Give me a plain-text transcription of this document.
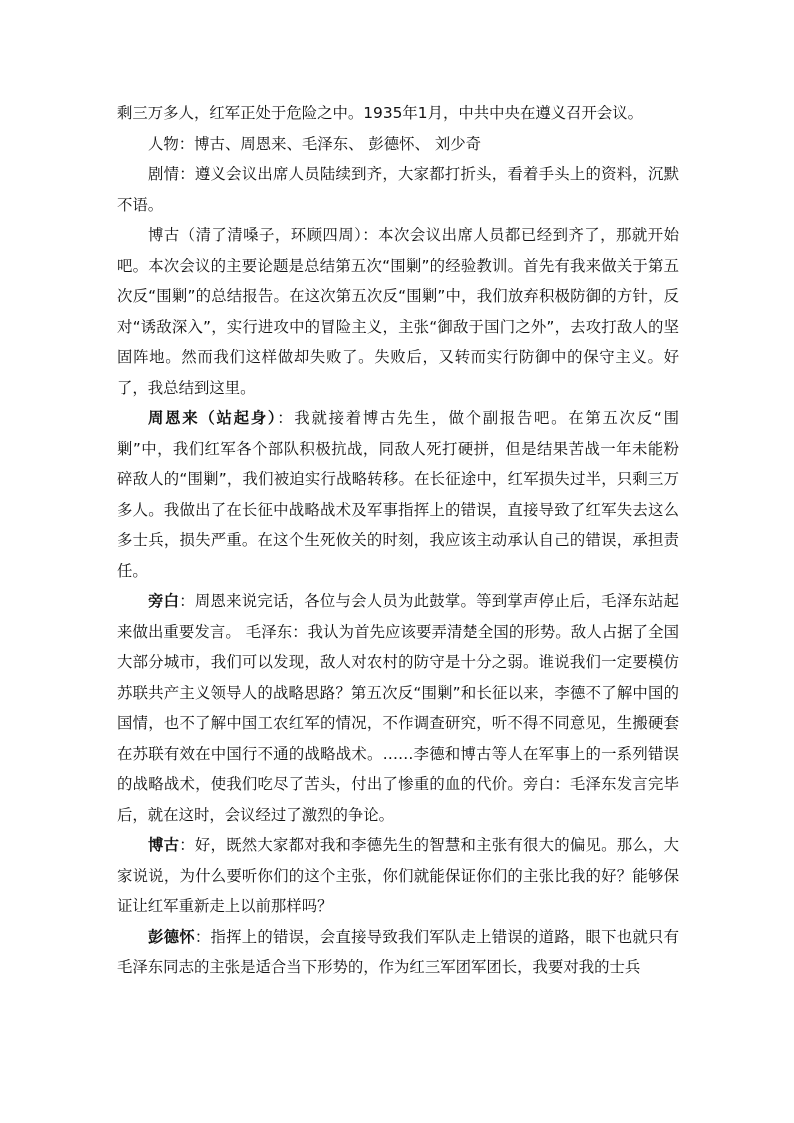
剩三万多人，红军正处于危险之中。1935年1月，中共中央在遵义召开会议。

人物：博古、周恩来、毛泽东、 彭德怀、 刘少奇

剧情：遵义会议出席人员陆续到齐，大家都打折头，看着手头上的资料，沉默不语。

博古（清了清嗓子，环顾四周）：本次会议出席人员都已经到齐了，那就开始吧。本次会议的主要论题是总结第五次“围剿”的经验教训。首先有我来做关于第五次反“围剿”的总结报告。在这次第五次反“围剿”中，我们放弃积极防御的方针，反对“诱敌深入”，实行进攻中的冒险主义，主张“御敌于国门之外”，去攻打敌人的坚固阵地。然而我们这样做却失败了。失败后，又转而实行防御中的保守主义。好了，我总结到这里。

周恩来（站起身）：我就接着博古先生，做个副报告吧。在第五次反“围剿”中，我们红军各个部队积极抗战，同敌人死打硬拼，但是结果苦战一年未能粉碎敌人的“围剿”，我们被迫实行战略转移。在长征途中，红军损失过半，只剩三万多人。我做出了在长征中战略战术及军事指挥上的错误，直接导致了红军失去这么多士兵，损失严重。在这个生死攸关的时刻，我应该主动承认自己的错误，承担责任。

旁白：周恩来说完话，各位与会人员为此鼓掌。等到掌声停止后，毛泽东站起来做出重要发言。 毛泽东：我认为首先应该要弄清楚全国的形势。敌人占据了全国大部分城市，我们可以发现，敌人对农村的防守是十分之弱。谁说我们一定要模仿苏联共产主义领导人的战略思路？第五次反“围剿”和长征以来，李德不了解中国的国情，也不了解中国工农红军的情况，不作调查研究，听不得不同意见，生搬硬套在苏联有效在中国行不通的战略战术。……李德和博古等人在军事上的一系列错误的战略战术，使我们吃尽了苦头，付出了惨重的血的代价。旁白：毛泽东发言完毕后，就在这时，会议经过了激烈的争论。

博古：好，既然大家都对我和李德先生的智慧和主张有很大的偏见。那么，大家说说，为什么要听你们的这个主张，你们就能保证你们的主张比我的好？能够保证让红军重新走上以前那样吗？

彭德怀：指挥上的错误，会直接导致我们军队走上错误的道路，眼下也就只有毛泽东同志的主张是适合当下形势的，作为红三军团军团长，我要对我的士兵
